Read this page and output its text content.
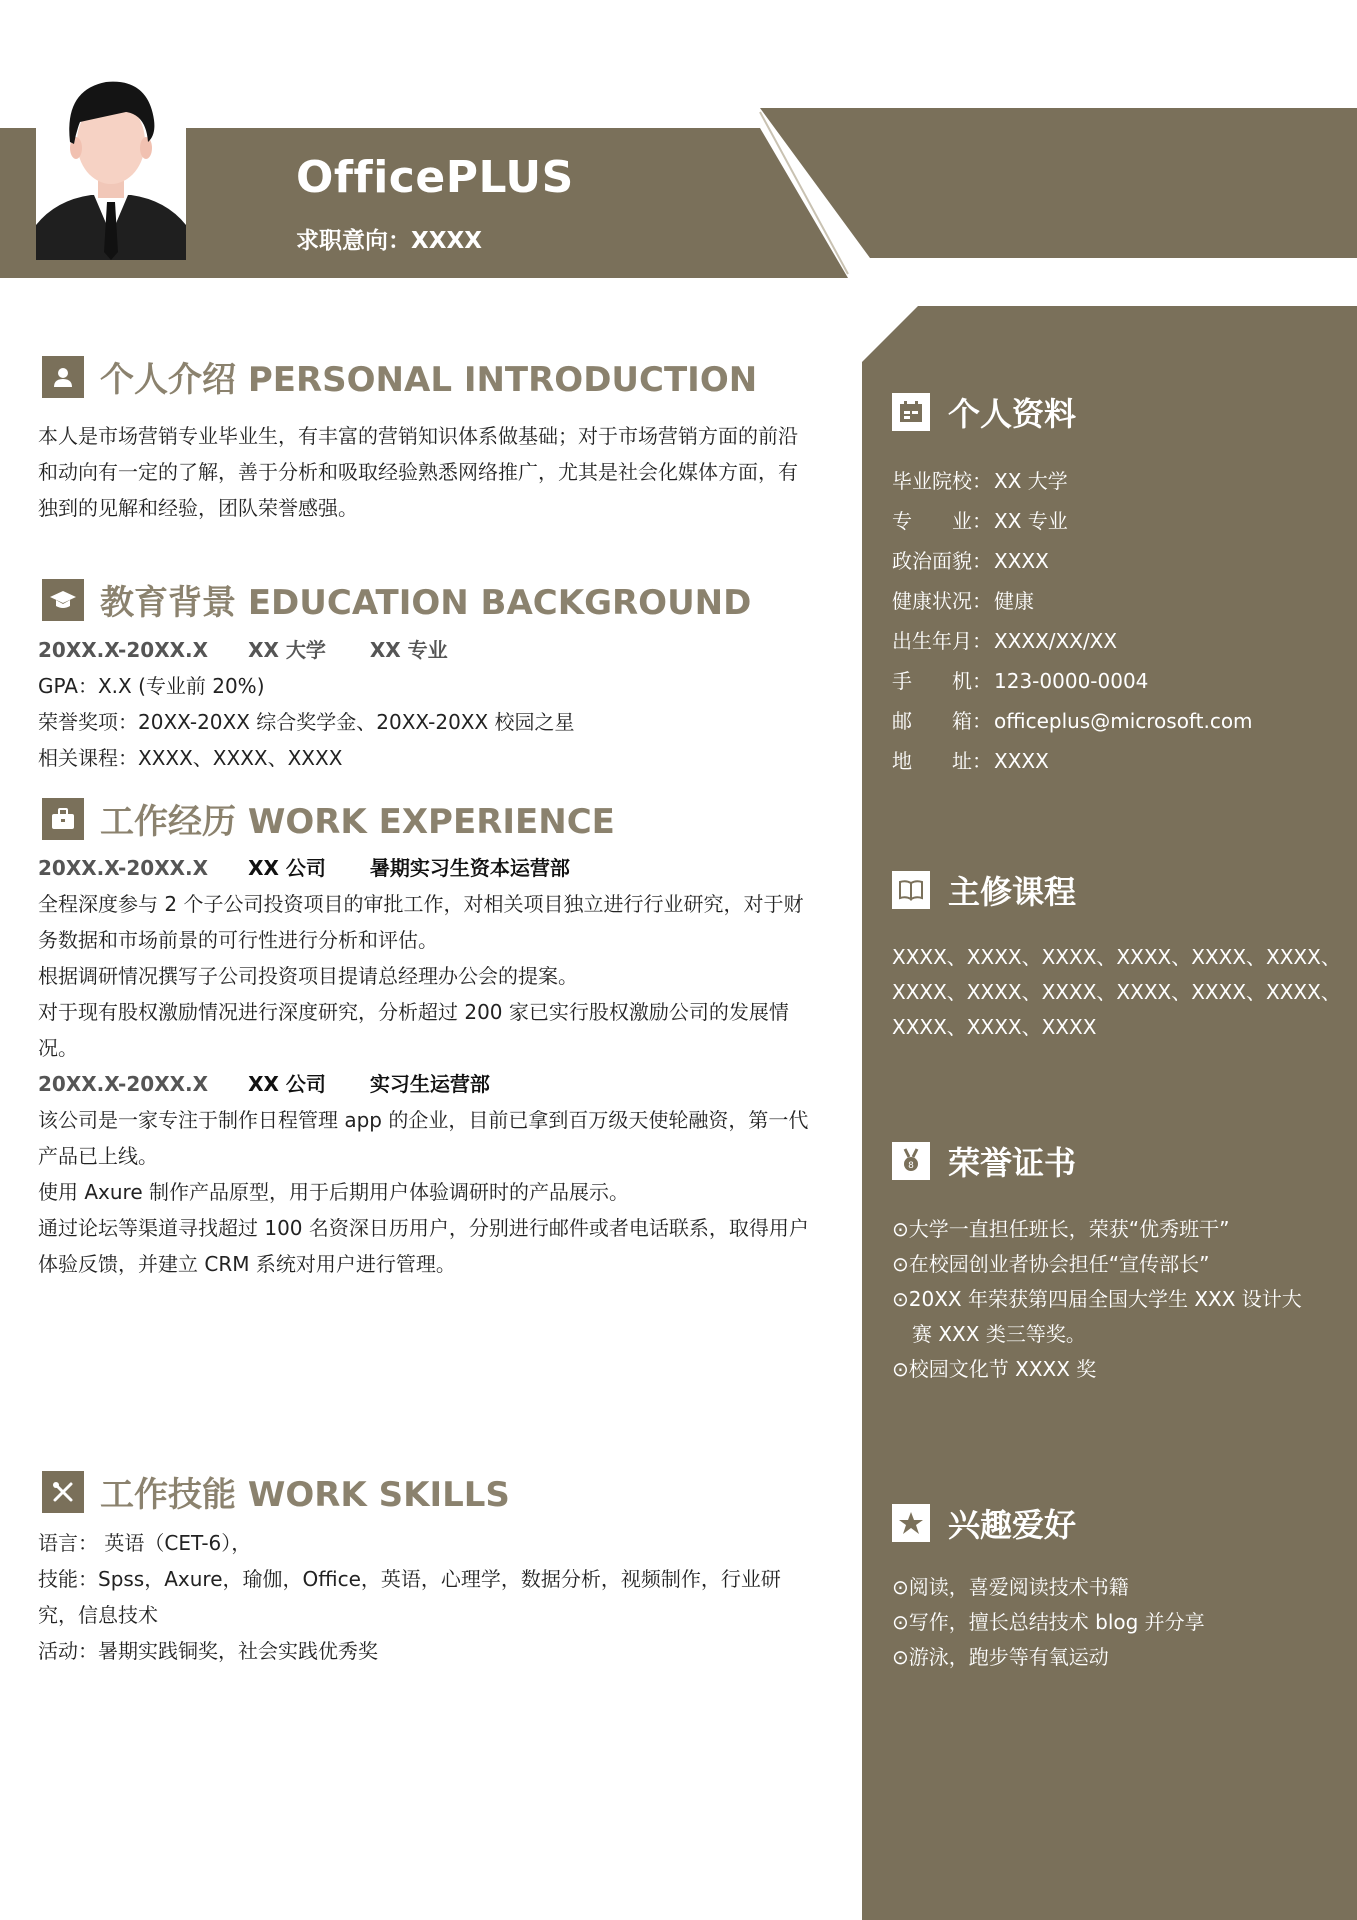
OfficePLUS
求职意向：XXXX
个人介绍 PERSONAL INTRODUCTION
本人是市场营销专业毕业生，有丰富的营销知识体系做基础；对于市场营销方面的前沿
和动向有一定的了解，善于分析和吸取经验熟悉网络推广，尤其是社会化媒体方面，有
独到的见解和经验，团队荣誉感强。
教育背景 EDUCATION BACKGROUND
20XX.X-20XX.X XX 大学 XX 专业
GPA：X.X (专业前 20%)
荣誉奖项：20XX-20XX 综合奖学金、20XX-20XX 校园之星
相关课程：XXXX、XXXX、XXXX
工作经历 WORK EXPERIENCE
20XX.X-20XX.X XX 公司 暑期实习生资本运营部
全程深度参与 2 个子公司投资项目的审批工作，对相关项目独立进行行业研究，对于财
务数据和市场前景的可行性进行分析和评估。
根据调研情况撰写子公司投资项目提请总经理办公会的提案。
对于现有股权激励情况进行深度研究，分析超过 200 家已实行股权激励公司的发展情
况。
20XX.X-20XX.X XX 公司 实习生运营部
该公司是一家专注于制作日程管理 app 的企业，目前已拿到百万级天使轮融资，第一代
产品已上线。
使用 Axure 制作产品原型，用于后期用户体验调研时的产品展示。
通过论坛等渠道寻找超过 100 名资深日历用户，分别进行邮件或者电话联系，取得用户
体验反馈，并建立 CRM 系统对用户进行管理。
工作技能 WORK SKILLS
语言： 英语（CET-6），
技能：Spss，Axure，瑜伽，Office，英语，心理学，数据分析，视频制作，行业研
究，信息技术
活动：暑期实践铜奖，社会实践优秀奖
个人资料
毕业院校： XX 大学
专　　业： XX 专业
政治面貌： XXXX
健康状况： 健康
出生年月： XXXX/XX/XX
手　　机： 123-0000-0004
邮　　箱： officeplus@microsoft.com
地　　址： XXXX
主修课程
XXXX、XXXX、XXXX、XXXX、XXXX、XXXX、
XXXX、XXXX、XXXX、XXXX、XXXX、XXXX、
XXXX、XXXX、XXXX
8 荣誉证书
⊙大学一直担任班长，荣获“优秀班干”
⊙在校园创业者协会担任“宣传部长”
⊙20XX 年荣获第四届全国大学生 XXX 设计大
赛 XXX 类三等奖。
⊙校园文化节 XXXX 奖
兴趣爱好
⊙阅读，喜爱阅读技术书籍
⊙写作，擅长总结技术 blog 并分享
⊙游泳，跑步等有氧运动
